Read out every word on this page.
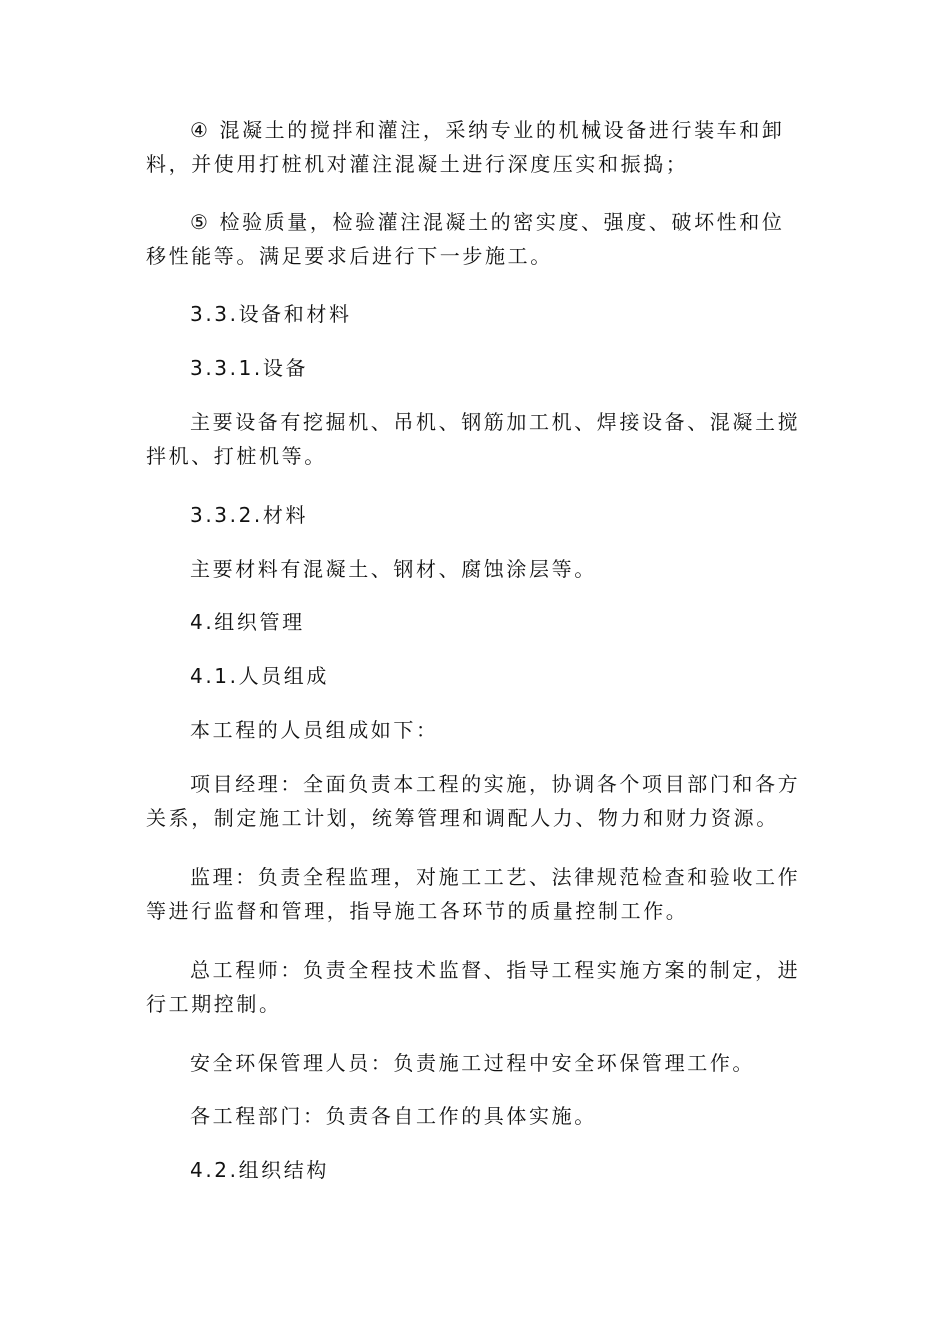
④ 混凝土的搅拌和灌注，采纳专业的机械设备进行装车和卸料，并使用打桩机对灌注混凝土进行深度压实和振捣；

⑤ 检验质量，检验灌注混凝土的密实度、强度、破坏性和位移性能等。满足要求后进行下一步施工。

3.3.设备和材料

3.3.1.设备

主要设备有挖掘机、吊机、钢筋加工机、焊接设备、混凝土搅拌机、打桩机等。

3.3.2.材料

主要材料有混凝土、钢材、腐蚀涂层等。

4.组织管理

4.1.人员组成

本工程的人员组成如下：

项目经理：全面负责本工程的实施，协调各个项目部门和各方关系，制定施工计划，统筹管理和调配人力、物力和财力资源。

监理：负责全程监理，对施工工艺、法律规范检查和验收工作等进行监督和管理，指导施工各环节的质量控制工作。

总工程师：负责全程技术监督、指导工程实施方案的制定，进行工期控制。

安全环保管理人员：负责施工过程中安全环保管理工作。

各工程部门：负责各自工作的具体实施。

4.2.组织结构
